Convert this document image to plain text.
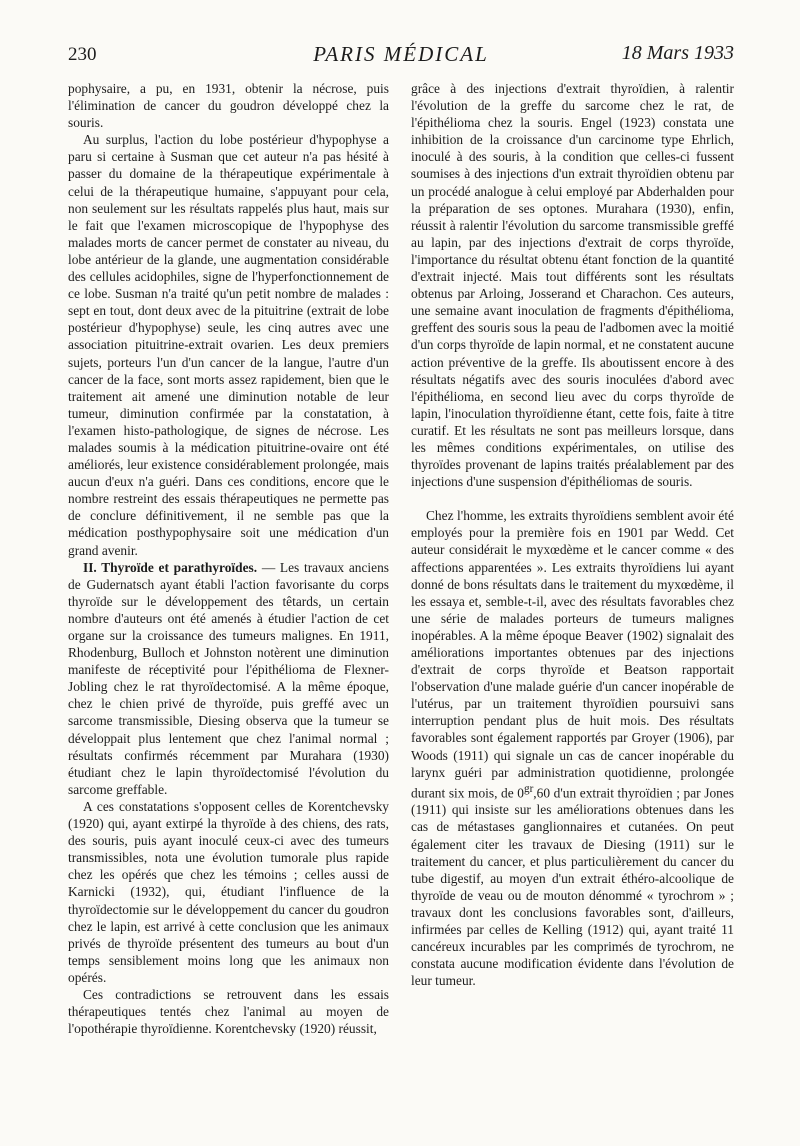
230	PARIS MÉDICAL	18 Mars 1933

pophysaire, a pu, en 1931, obtenir la nécrose, puis l'élimination de cancer du goudron développé chez la souris.

Au surplus, l'action du lobe postérieur d'hypophyse a paru si certaine à Susman que cet auteur n'a pas hésité à passer du domaine de la thérapeutique expérimentale à celui de la thérapeutique humaine, s'appuyant pour cela, non seulement sur les résultats rappelés plus haut, mais sur le fait que l'examen microscopique de l'hypophyse des malades morts de cancer permet de constater au niveau, du lobe antérieur de la glande, une augmentation considérable des cellules acidophiles, signe de l'hyperfonctionnement de ce lobe. Susman n'a traité qu'un petit nombre de malades : sept en tout, dont deux avec de la pituitrine (extrait de lobe postérieur d'hypophyse) seule, les cinq autres avec une association pituitrine-extrait ovarien. Les deux premiers sujets, porteurs l'un d'un cancer de la langue, l'autre d'un cancer de la face, sont morts assez rapidement, bien que le traitement ait amené une diminution notable de leur tumeur, diminution confirmée par la constatation, à l'examen histo-pathologique, de signes de nécrose. Les malades soumis à la médication pituitrine-ovaire ont été améliorés, leur existence considérablement prolongée, mais aucun d'eux n'a guéri. Dans ces conditions, encore que le nombre restreint des essais thérapeutiques ne permette pas de conclure définitivement, il ne semble pas que la médication posthypophysaire soit une médication d'un grand avenir.

II. Thyroïde et parathyroïdes. — Les travaux anciens de Gudernatsch ayant établi l'action favorisante du corps thyroïde sur le développement des têtards, un certain nombre d'auteurs ont été amenés à étudier l'action de cet organe sur la croissance des tumeurs malignes. En 1911, Rhodenburg, Bulloch et Johnston notèrent une diminution manifeste de réceptivité pour l'épithélioma de Flexner-Jobling chez le rat thyroïdectomisé. A la même époque, chez le chien privé de thyroïde, puis greffé avec un sarcome transmissible, Diesing observa que la tumeur se développait plus lentement que chez l'animal normal ; résultats confirmés récemment par Murahara (1930) étudiant chez le lapin thyroïdectomisé l'évolution du sarcome greffable.

A ces constatations s'opposent celles de Korentchevsky (1920) qui, ayant extirpé la thyroïde à des chiens, des rats, des souris, puis ayant inoculé ceux-ci avec des tumeurs transmissibles, nota une évolution tumorale plus rapide chez les opérés que chez les témoins ; celles aussi de Karnicki (1932), qui, étudiant l'influence de la thyroïdectomie sur le développement du cancer du goudron chez le lapin, est arrivé à cette conclusion que les animaux privés de thyroïde présentent des tumeurs au bout d'un temps sensiblement moins long que les animaux non opérés.

Ces contradictions se retrouvent dans les essais thérapeutiques tentés chez l'animal au moyen de l'opothérapie thyroïdienne. Korentchevsky (1920) réussit,

grâce à des injections d'extrait thyroïdien, à ralentir l'évolution de la greffe du sarcome chez le rat, de l'épithélioma chez la souris. Engel (1923) constata une inhibition de la croissance d'un carcinome type Ehrlich, inoculé à des souris, à la condition que celles-ci fussent soumises à des injections d'un extrait thyroïdien obtenu par un procédé analogue à celui employé par Abderhalden pour la préparation de ses optones. Murahara (1930), enfin, réussit à ralentir l'évolution du sarcome transmissible greffé au lapin, par des injections d'extrait de corps thyroïde, l'importance du résultat obtenu étant fonction de la quantité d'extrait injecté. Mais tout différents sont les résultats obtenus par Arloing, Josserand et Charachon. Ces auteurs, une semaine avant inoculation de fragments d'épithélioma, greffent des souris sous la peau de l'adbomen avec la moitié d'un corps thyroïde de lapin normal, et ne constatent aucune action préventive de la greffe. Ils aboutissent encore à des résultats négatifs avec des souris inoculées d'abord avec l'épithélioma, en second lieu avec du corps thyroïde de lapin, l'inoculation thyroïdienne étant, cette fois, faite à titre curatif. Et les résultats ne sont pas meilleurs lorsque, dans les mêmes conditions expérimentales, on utilise des thyroïdes provenant de lapins traités préalablement par des injections d'une suspension d'épithéliomas de souris.

Chez l'homme, les extraits thyroïdiens semblent avoir été employés pour la première fois en 1901 par Wedd. Cet auteur considérait le myxœdème et le cancer comme « des affections apparentées ». Les extraits thyroïdiens lui ayant donné de bons résultats dans le traitement du myxœdème, il les essaya et, semble-t-il, avec des résultats favorables chez une série de malades porteurs de tumeurs malignes inopérables. A la même époque Beaver (1902) signalait des améliorations importantes obtenues par des injections d'extrait de corps thyroïde et Beatson rapportait l'observation d'une malade guérie d'un cancer inopérable de l'utérus, par un traitement thyroïdien poursuivi sans interruption pendant plus de huit mois. Des résultats favorables sont également rapportés par Groyer (1906), par Woods (1911) qui signale un cas de cancer inopérable du larynx guéri par administration quotidienne, prolongée durant six mois, de $0^{gr},60$ d'un extrait thyroïdien ; par Jones (1911) qui insiste sur les améliorations obtenues dans les cas de métastases ganglionnaires et cutanées. On peut également citer les travaux de Diesing (1911) sur le traitement du cancer, et plus particulièrement du cancer du tube digestif, au moyen d'un extrait éthéro-alcoolique de thyroïde de veau ou de mouton dénommé « tyrochrom » ; travaux dont les conclusions favorables sont, d'ailleurs, infirmées par celles de Kelling (1912) qui, ayant traité 11 cancéreux incurables par les comprimés de tyrochrom, ne constata aucune modification évidente dans l'évolution de leur tumeur.
